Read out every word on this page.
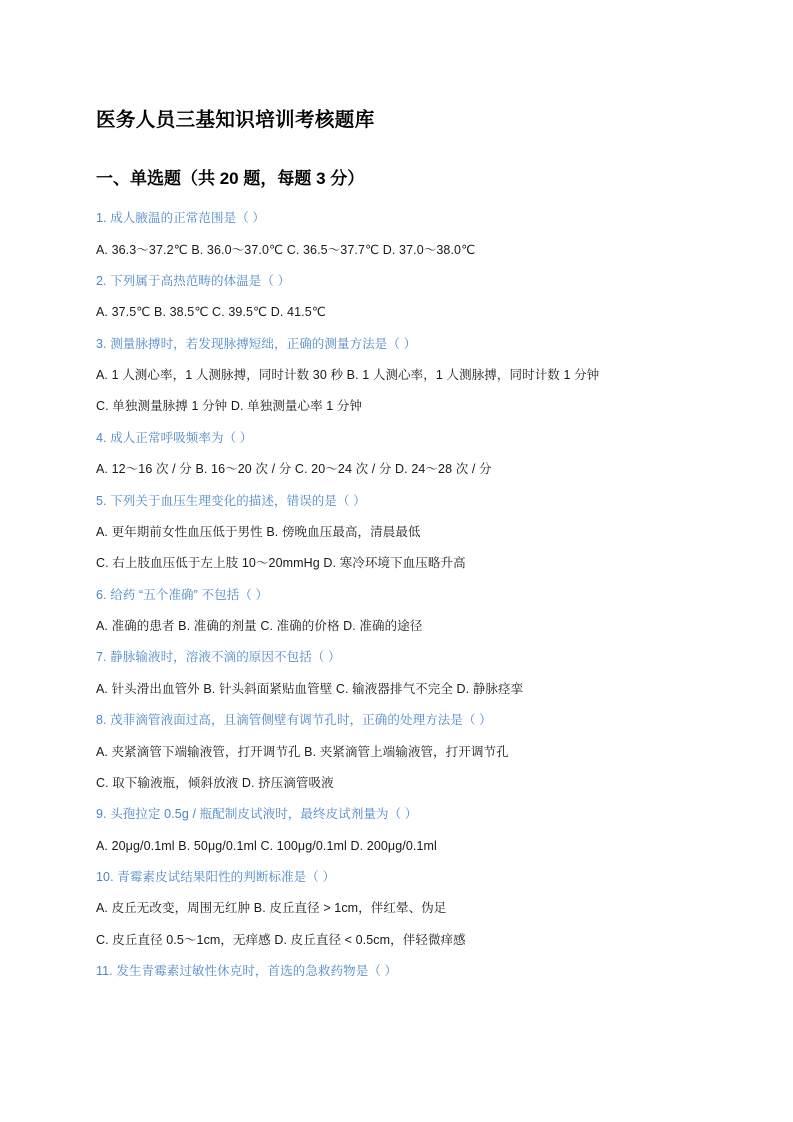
医务人员三基知识培训考核题库
一、单选题（共 20 题，每题 3 分）

1. 成人腋温的正常范围是（ ）

A. 36.3～37.2℃ B. 36.0～37.0℃ C. 36.5～37.7℃ D. 37.0～38.0℃

2. 下列属于高热范畴的体温是（ ）

A. 37.5℃ B. 38.5℃ C. 39.5℃ D. 41.5℃

3. 测量脉搏时，若发现脉搏短绌，正确的测量方法是（ ）

A. 1 人测心率，1 人测脉搏，同时计数 30 秒 B. 1 人测心率，1 人测脉搏，同时计数 1 分钟

C. 单独测量脉搏 1 分钟 D. 单独测量心率 1 分钟

4. 成人正常呼吸频率为（ ）

A. 12～16 次 / 分 B. 16～20 次 / 分 C. 20～24 次 / 分 D. 24～28 次 / 分

5. 下列关于血压生理变化的描述，错误的是（ ）

A. 更年期前女性血压低于男性 B. 傍晚血压最高，清晨最低

C. 右上肢血压低于左上肢 10～20mmHg D. 寒冷环境下血压略升高

6. 给药 “五个准确” 不包括（ ）

A. 准确的患者 B. 准确的剂量 C. 准确的价格 D. 准确的途径

7. 静脉输液时，溶液不滴的原因不包括（ ）

A. 针头滑出血管外 B. 针头斜面紧贴血管壁 C. 输液器排气不完全 D. 静脉痉挛

8. 茂菲滴管液面过高，且滴管侧壁有调节孔时，正确的处理方法是（ ）

A. 夹紧滴管下端输液管，打开调节孔 B. 夹紧滴管上端输液管，打开调节孔

C. 取下输液瓶，倾斜放液 D. 挤压滴管吸液

9. 头孢拉定 0.5g / 瓶配制皮试液时，最终皮试剂量为（ ）

A. 20μg/0.1ml B. 50μg/0.1ml C. 100μg/0.1ml D. 200μg/0.1ml

10. 青霉素皮试结果阳性的判断标准是（ ）

A. 皮丘无改变，周围无红肿 B. 皮丘直径 > 1cm，伴红晕、伪足

C. 皮丘直径 0.5～1cm，无痒感 D. 皮丘直径 < 0.5cm，伴轻微痒感

11. 发生青霉素过敏性休克时，首选的急救药物是（ ）
